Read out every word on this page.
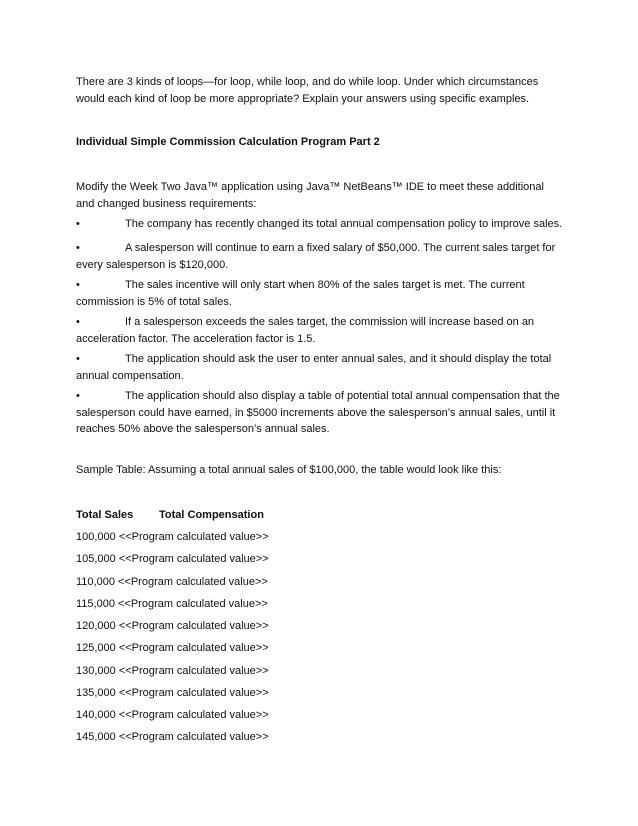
There are 3 kinds of loops—for loop, while loop, and do while loop. Under which circumstances would each kind of loop be more appropriate? Explain your answers using specific examples.

Individual Simple Commission Calculation Program Part 2

Modify the Week Two Java™ application using Java™ NetBeans™ IDE to meet these additional and changed business requirements:

•	The company has recently changed its total annual compensation policy to improve sales.

•	A salesperson will continue to earn a fixed salary of $50,000. The current sales target for every salesperson is $120,000.

•	The sales incentive will only start when 80% of the sales target is met. The current commission is 5% of total sales.

•	If a salesperson exceeds the sales target, the commission will increase based on an acceleration factor. The acceleration factor is 1.5.

•	The application should ask the user to enter annual sales, and it should display the total annual compensation.

•	The application should also display a table of potential total annual compensation that the salesperson could have earned, in $5000 increments above the salesperson’s annual sales, until it reaches 50% above the salesperson’s annual sales.

Sample Table: Assuming a total annual sales of $100,000, the table would look like this:

Total Sales Total Compensation
100,000 <<Program calculated value>>
105,000 <<Program calculated value>>
110,000 <<Program calculated value>>
115,000 <<Program calculated value>>
120,000 <<Program calculated value>>
125,000 <<Program calculated value>>
130,000 <<Program calculated value>>
135,000 <<Program calculated value>>
140,000 <<Program calculated value>>
145,000 <<Program calculated value>>
